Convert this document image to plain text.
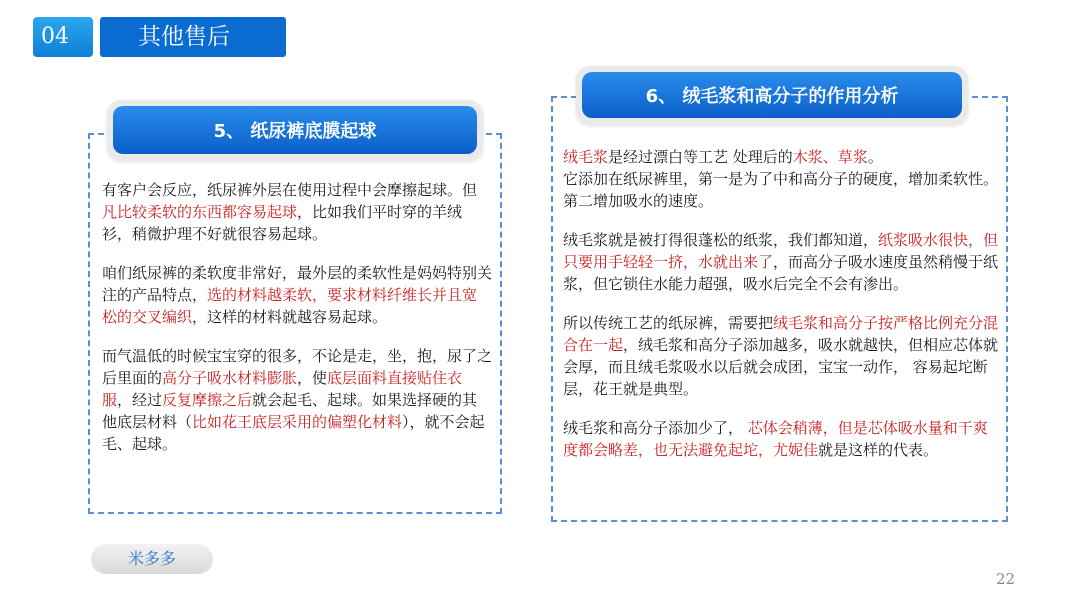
04	其他售后
5、 纸尿裤底膜起球
6、 绒毛浆和高分子的作用分析

有客户会反应，纸尿裤外层在使用过程中会摩擦起球。但凡比较柔软的东西都容易起球，比如我们平时穿的羊绒衫，稍微护理不好就很容易起球。

咱们纸尿裤的柔软度非常好，最外层的柔软性是妈妈特别关注的产品特点，选的材料越柔软，要求材料纤维长并且宽松的交叉编织，这样的材料就越容易起球。

而气温低的时候宝宝穿的很多，不论是走，坐，抱，尿了之后里面的高分子吸水材料膨胀，使底层面料直接贴住衣服，经过反复摩擦之后就会起毛、起球。如果选择硬的其他底层材料（比如花王底层采用的偏塑化材料），就不会起毛、起球。

绒毛浆是经过漂白等工艺 处理后的木浆、草浆。
它添加在纸尿裤里，第一是为了中和高分子的硬度，增加柔软性。第二增加吸水的速度。

绒毛浆就是被打得很蓬松的纸浆，我们都知道，纸浆吸水很快，但只要用手轻轻一挤，水就出来了，而高分子吸水速度虽然稍慢于纸浆，但它锁住水能力超强，吸水后完全不会有渗出。

所以传统工艺的纸尿裤，需要把绒毛浆和高分子按严格比例充分混合在一起，绒毛浆和高分子添加越多，吸水就越快，但相应芯体就会厚，而且绒毛浆吸水以后就会成团，宝宝一动作， 容易起坨断层，花王就是典型。

绒毛浆和高分子添加少了， 芯体会稍薄，但是芯体吸水量和干爽度都会略差，也无法避免起坨，尤妮佳就是这样的代表。

米多多
22
